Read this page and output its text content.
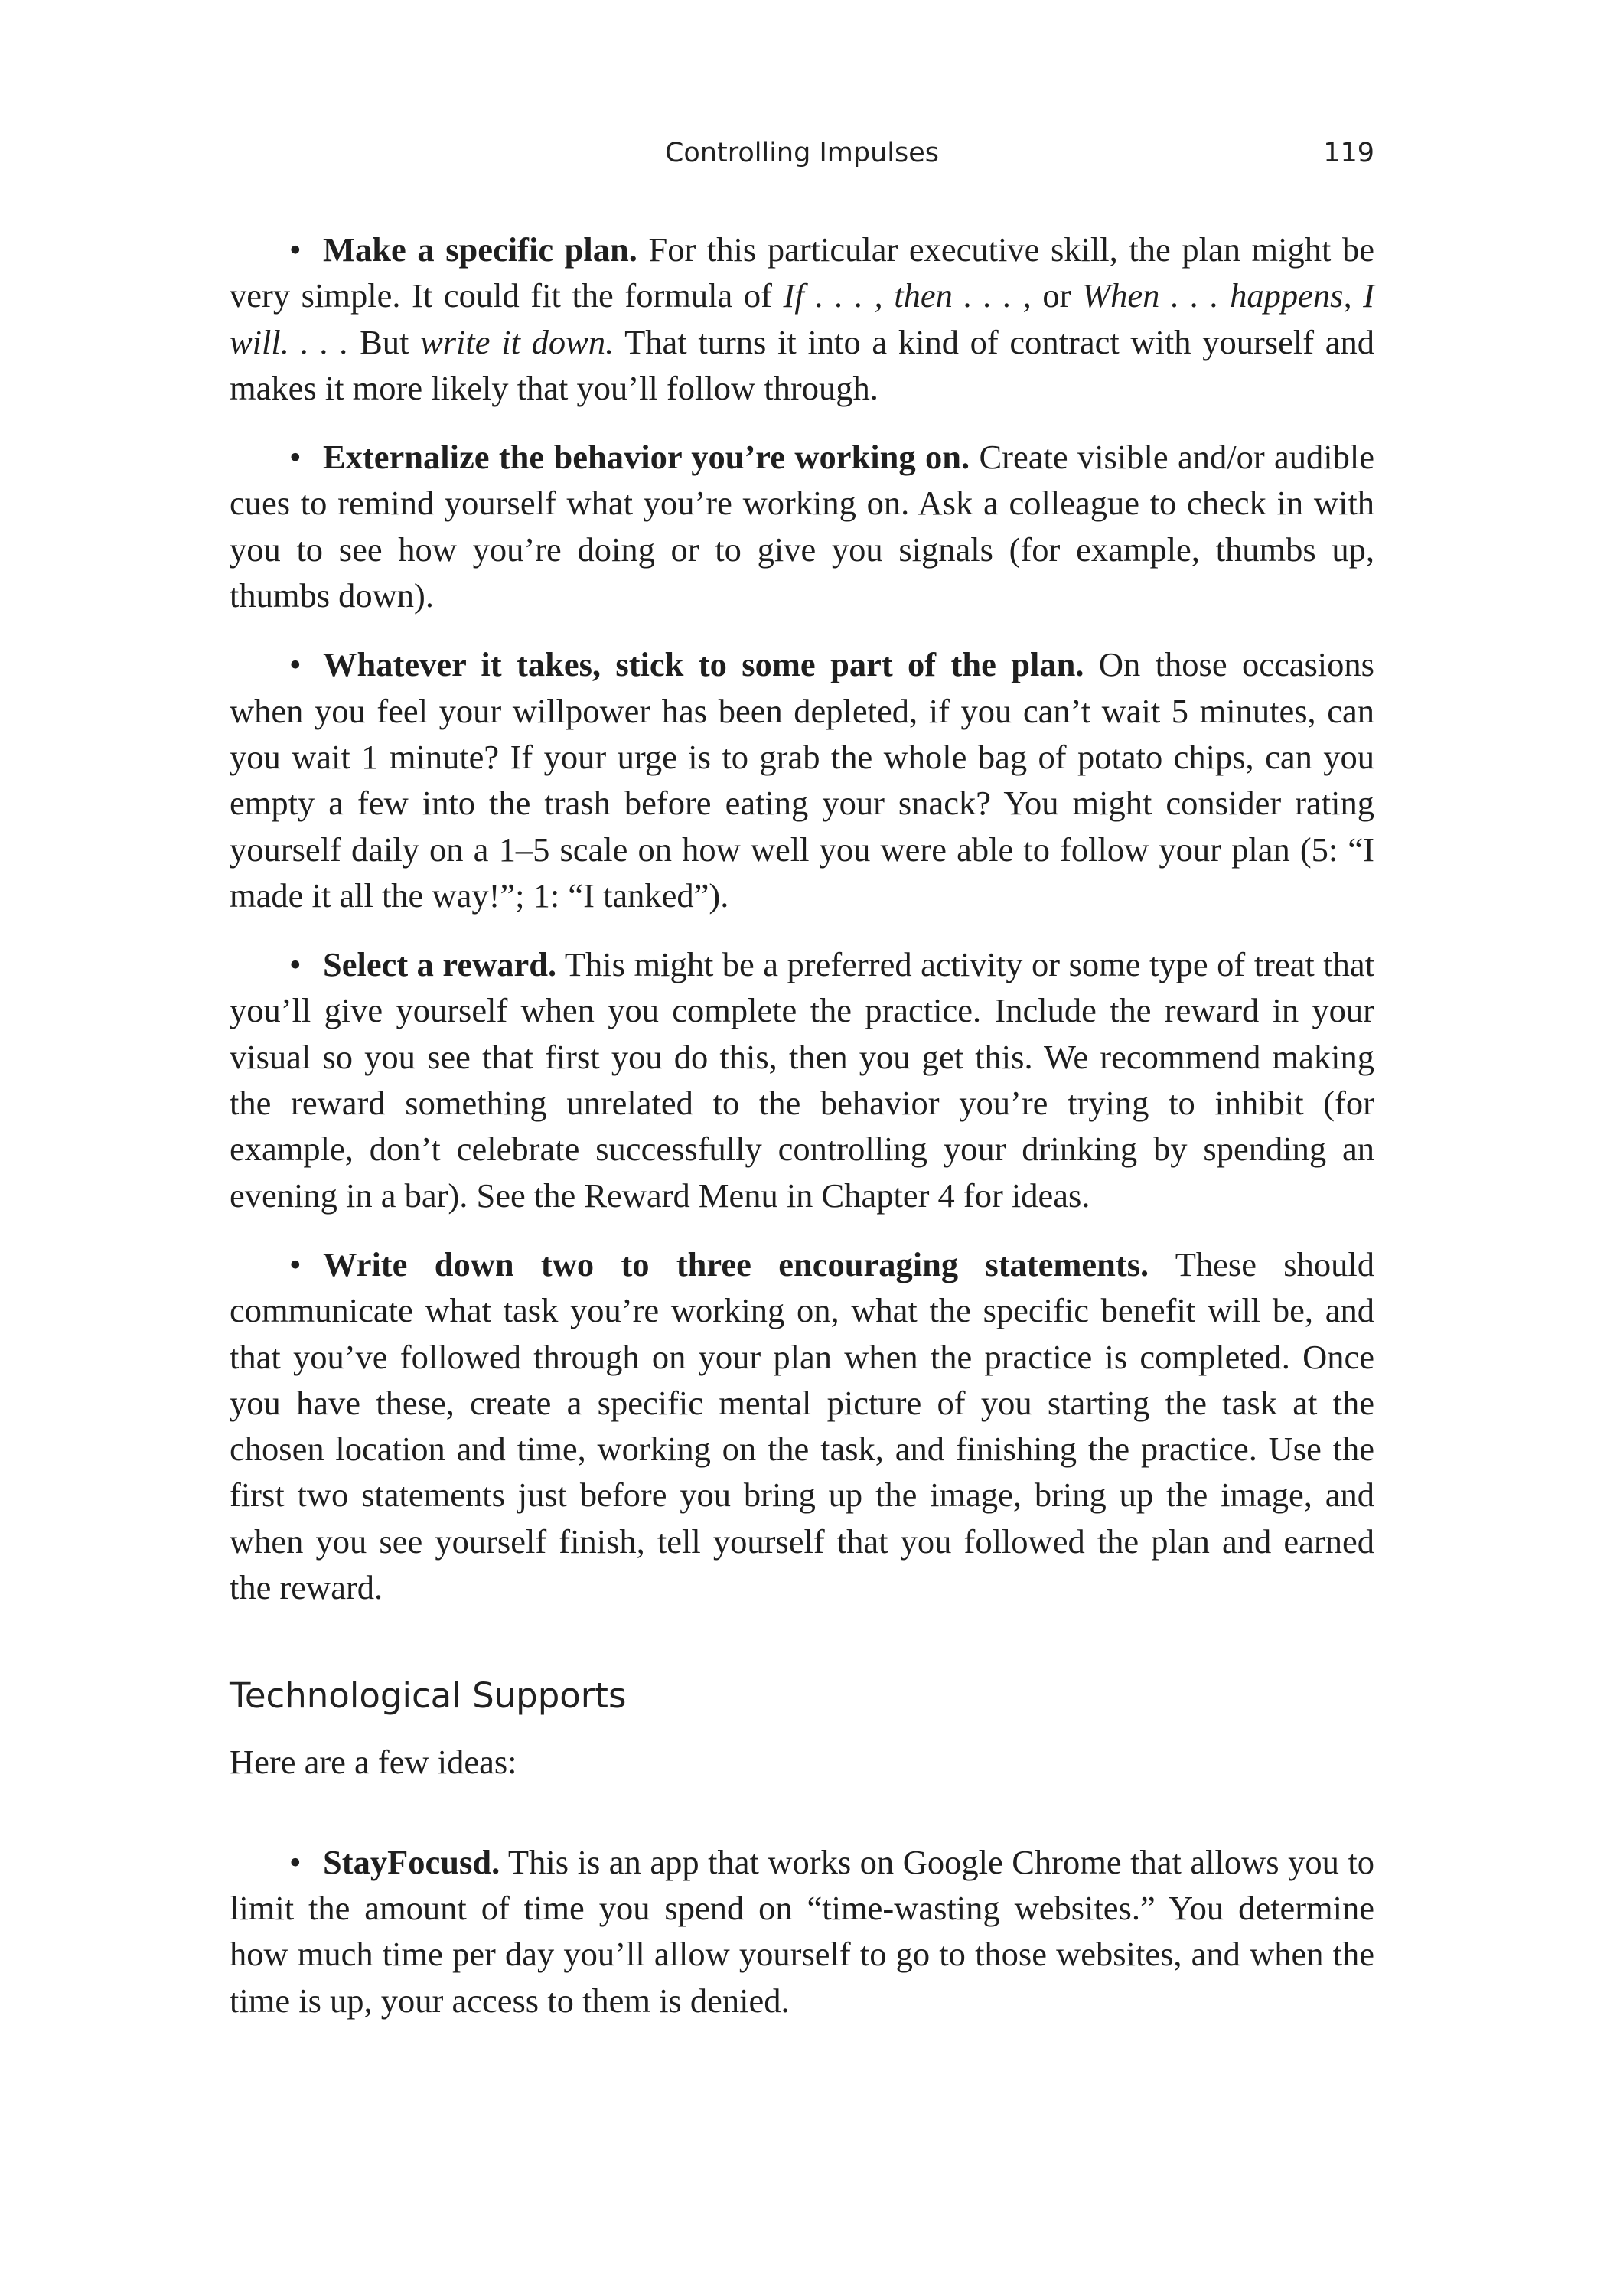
Controlling Impulses	119

• Make a specific plan. For this particular executive skill, the plan might be very simple. It could fit the formula of If . . . , then . . . , or When . . . happens, I will. . . . But write it down. That turns it into a kind of contract with yourself and makes it more likely that you’ll follow through.

• Externalize the behavior you’re working on. Create visible and/or audible cues to remind yourself what you’re working on. Ask a colleague to check in with you to see how you’re doing or to give you signals (for example, thumbs up, thumbs down).

• Whatever it takes, stick to some part of the plan. On those occasions when you feel your willpower has been depleted, if you can’t wait 5 minutes, can you wait 1 minute? If your urge is to grab the whole bag of potato chips, can you empty a few into the trash before eating your snack? You might consider rating yourself daily on a 1–5 scale on how well you were able to follow your plan (5: “I made it all the way!”; 1: “I tanked”).

• Select a reward. This might be a preferred activity or some type of treat that you’ll give yourself when you complete the practice. Include the reward in your visual so you see that first you do this, then you get this. We recommend making the reward something unrelated to the behavior you’re trying to inhibit (for example, don’t celebrate successfully controlling your drinking by spending an evening in a bar). See the Reward Menu in Chapter 4 for ideas.

• Write down two to three encouraging statements. These should communicate what task you’re working on, what the specific benefit will be, and that you’ve followed through on your plan when the practice is completed. Once you have these, create a specific mental picture of you starting the task at the chosen location and time, working on the task, and finishing the practice. Use the first two statements just before you bring up the image, bring up the image, and when you see yourself finish, tell yourself that you followed the plan and earned the reward.

Technological Supports

Here are a few ideas:

• StayFocusd. This is an app that works on Google Chrome that allows you to limit the amount of time you spend on “time-wasting websites.” You determine how much time per day you’ll allow yourself to go to those websites, and when the time is up, your access to them is denied.
